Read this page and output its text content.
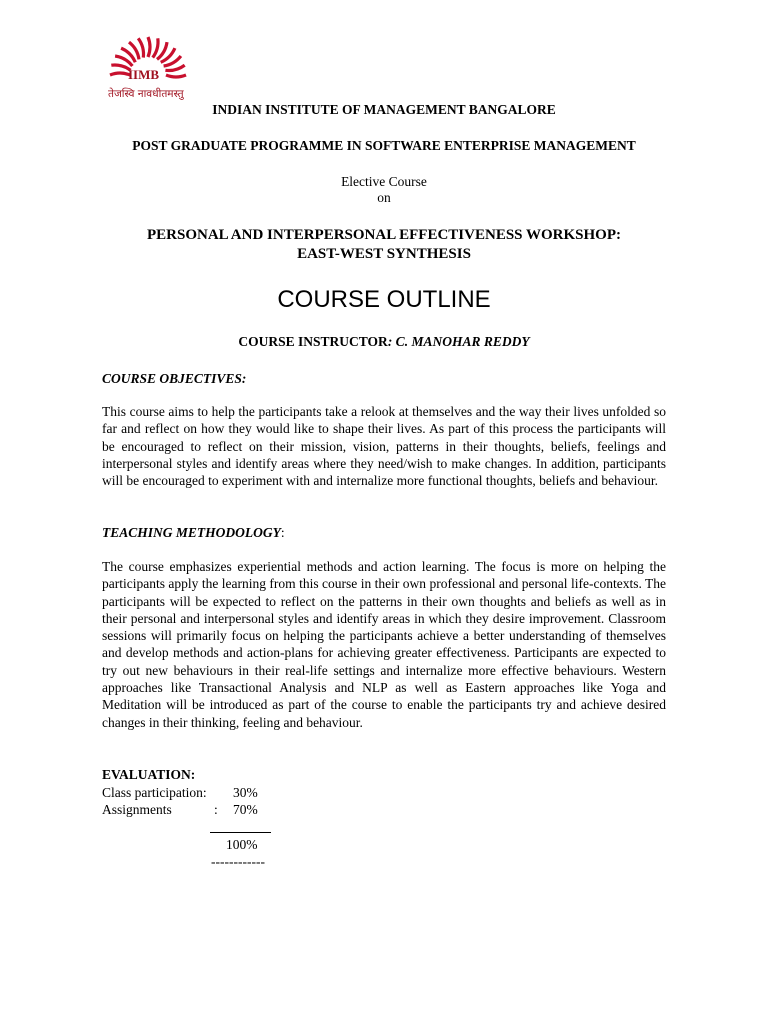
IIMB
तेजस्वि नावधीतमस्तु
INDIAN INSTITUTE OF MANAGEMENT BANGALORE
POST GRADUATE PROGRAMME IN SOFTWARE ENTERPRISE MANAGEMENT
Elective Course
on
PERSONAL AND INTERPERSONAL EFFECTIVENESS WORKSHOP:
EAST-WEST SYNTHESIS
COURSE OUTLINE
COURSE INSTRUCTOR: C. MANOHAR REDDY
COURSE OBJECTIVES:

This course aims to help the participants take a relook at themselves and the way their lives unfolded so far and reflect on how they would like to shape their lives. As part of this process the participants will be encouraged to reflect on their mission, vision, patterns in their thoughts, beliefs, feelings and interpersonal styles and identify areas where they need/wish to make changes. In addition, participants will be encouraged to experiment with and internalize more functional thoughts, beliefs and behaviour.

TEACHING METHODOLOGY:

The course emphasizes experiential methods and action learning. The focus is more on helping the participants apply the learning from this course in their own professional and personal life-contexts. The participants will be expected to reflect on the patterns in their own thoughts and beliefs as well as in their personal and interpersonal styles and identify areas in which they desire improvement. Classroom sessions will primarily focus on helping the participants achieve a better understanding of themselves and develop methods and action-plans for achieving greater effectiveness. Participants are expected to try out new behaviours in their real-life settings and internalize more effective behaviours. Western approaches like Transactional Analysis and NLP as well as Eastern approaches like Yoga and Meditation will be introduced as part of the course to enable the participants try and achieve desired changes in their thinking, feeling and behaviour.

EVALUATION:
Class participation: 30%
Assignments	: 70%
100%
------------
